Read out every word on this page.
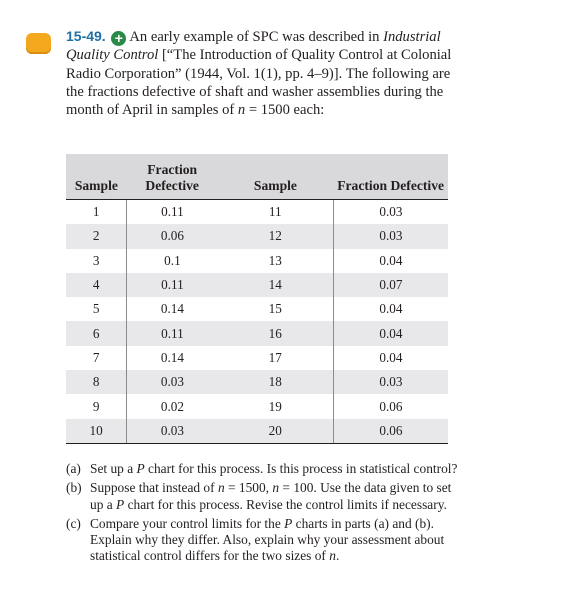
15-49. + An early example of SPC was described in Industrial Quality Control [“The Introduction of Quality Control at Colonial Radio Corporation” (1944, Vol. 1(1), pp. 4–9)]. The following are the fractions defective of shaft and washer assemblies during the month of April in samples of n = 1500 each:

Sample	Fraction Defective	Sample	Fraction Defective
1	0.11	11	0.03
2	0.06	12	0.03
3	0.1	13	0.04
4	0.11	14	0.07
5	0.14	15	0.04
6	0.11	16	0.04
7	0.14	17	0.04
8	0.03	18	0.03
9	0.02	19	0.06
10	0.03	20	0.06
(a) Set up a P chart for this process. Is this process in statistical control?
(b) Suppose that instead of n = 1500, n = 100. Use the data given to set up a P chart for this process. Revise the control limits if necessary.
(c) Compare your control limits for the P charts in parts (a) and (b). Explain why they differ. Also, explain why your assessment about statistical control differs for the two sizes of n.
